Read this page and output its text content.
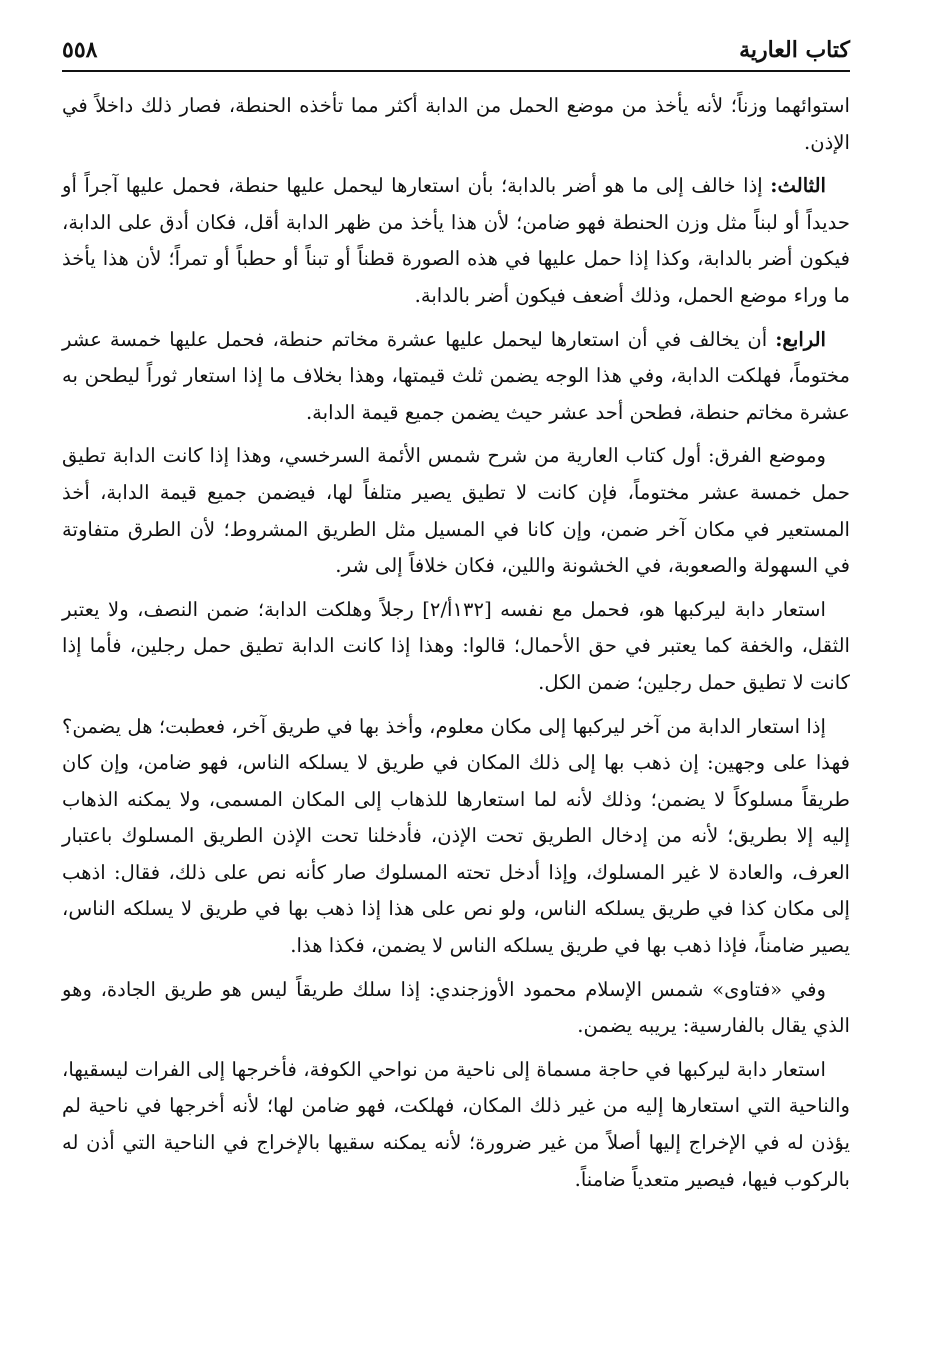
كتاب العارية
٥٥٨

استوائهما وزناً؛ لأنه يأخذ من موضع الحمل من الدابة أكثر مما تأخذه الحنطة، فصار ذلك داخلاً في الإذن.

الثالث: إذا خالف إلى ما هو أضر بالدابة؛ بأن استعارها ليحمل عليها حنطة، فحمل عليها آجراً أو حديداً أو لبناً مثل وزن الحنطة فهو ضامن؛ لأن هذا يأخذ من ظهر الدابة أقل، فكان أدق على الدابة، فيكون أضر بالدابة، وكذا إذا حمل عليها في هذه الصورة قطناً أو تبناً أو حطباً أو تمراً؛ لأن هذا يأخذ ما وراء موضع الحمل، وذلك أضعف فيكون أضر بالدابة.

الرابع: أن يخالف في أن استعارها ليحمل عليها عشرة مخاتم حنطة، فحمل عليها خمسة عشر مختوماً، فهلكت الدابة، وفي هذا الوجه يضمن ثلث قيمتها، وهذا بخلاف ما إذا استعار ثوراً ليطحن به عشرة مخاتم حنطة، فطحن أحد عشر حيث يضمن جميع قيمة الدابة.

وموضع الفرق: أول كتاب العارية من شرح شمس الأئمة السرخسي، وهذا إذا كانت الدابة تطيق حمل خمسة عشر مختوماً، فإن كانت لا تطيق يصير متلفاً لها، فيضمن جميع قيمة الدابة، أخذ المستعير في مكان آخر ضمن، وإن كانا في المسيل مثل الطريق المشروط؛ لأن الطرق متفاوتة في السهولة والصعوبة، في الخشونة واللين، فكان خلافاً إلى شر.

استعار دابة ليركبها هو، فحمل مع نفسه [١٣٢أ/٢] رجلاً وهلكت الدابة؛ ضمن النصف، ولا يعتبر الثقل، والخفة كما يعتبر في حق الأحمال؛ قالوا: وهذا إذا كانت الدابة تطيق حمل رجلين، فأما إذا كانت لا تطيق حمل رجلين؛ ضمن الكل.

إذا استعار الدابة من آخر ليركبها إلى مكان معلوم، وأخذ بها في طريق آخر، فعطبت؛ هل يضمن؟ فهذا على وجهين: إن ذهب بها إلى ذلك المكان في طريق لا يسلكه الناس، فهو ضامن، وإن كان طريقاً مسلوكاً لا يضمن؛ وذلك لأنه لما استعارها للذهاب إلى المكان المسمى، ولا يمكنه الذهاب إليه إلا بطريق؛ لأنه من إدخال الطريق تحت الإذن، فأدخلنا تحت الإذن الطريق المسلوك باعتبار العرف، والعادة لا غير المسلوك، وإذا أدخل تحته المسلوك صار كأنه نص على ذلك، فقال: اذهب إلى مكان كذا في طريق يسلكه الناس، ولو نص على هذا إذا ذهب بها في طريق لا يسلكه الناس، يصير ضامناً، فإذا ذهب بها في طريق يسلكه الناس لا يضمن، فكذا هذا.

وفي «فتاوى» شمس الإسلام محمود الأوزجندي: إذا سلك طريقاً ليس هو طريق الجادة، وهو الذي يقال بالفارسية: يريبه يضمن.

استعار دابة ليركبها في حاجة مسماة إلى ناحية من نواحي الكوفة، فأخرجها إلى الفرات ليسقيها، والناحية التي استعارها إليه من غير ذلك المكان، فهلكت، فهو ضامن لها؛ لأنه أخرجها في ناحية لم يؤذن له في الإخراج إليها أصلاً من غير ضرورة؛ لأنه يمكنه سقيها بالإخراج في الناحية التي أذن له بالركوب فيها، فيصير متعدياً ضامناً.
